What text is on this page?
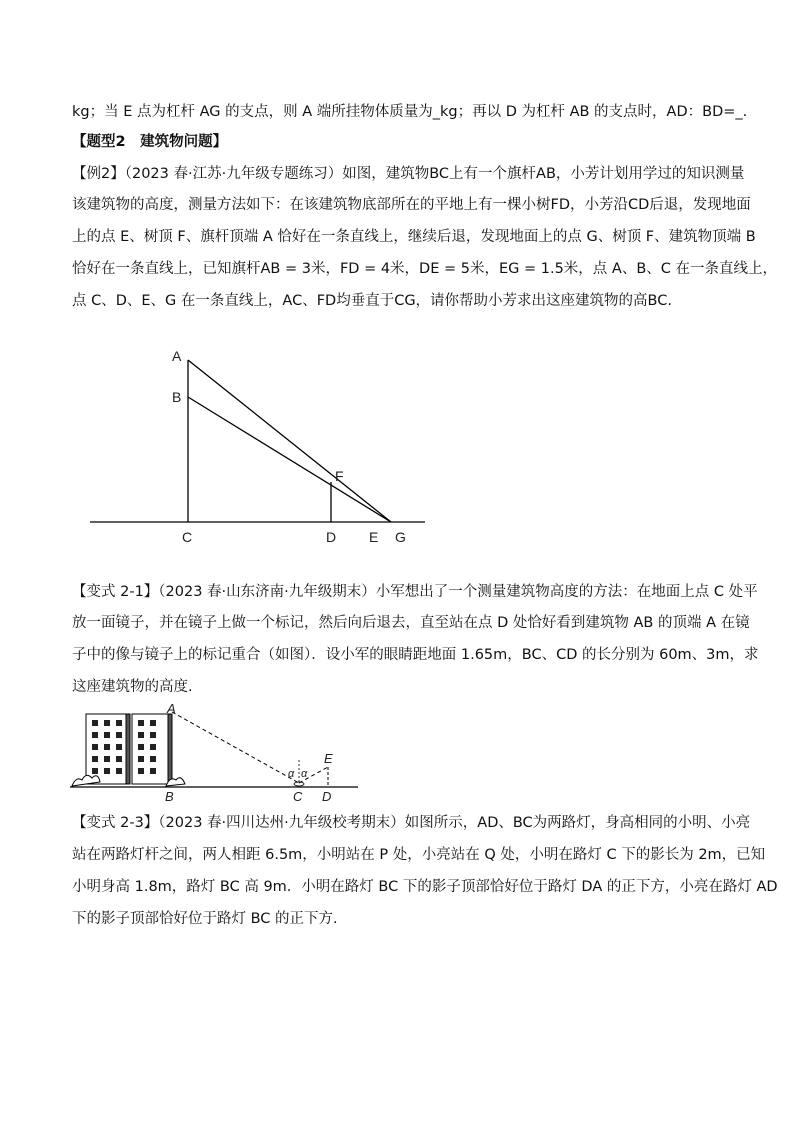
kg；当 E 点为杠杆 AG 的支点，则 A 端所挂物体质量为_kg；再以 D 为杠杆 AB 的支点时，AD：BD=_.
【题型2　建筑物问题】
【例2】（2023 春·江苏·九年级专题练习）如图，建筑物BC上有一个旗杆AB，小芳计划用学过的知识测量
该建筑物的高度，测量方法如下：在该建筑物底部所在的平地上有一棵小树FD，小芳沿CD后退，发现地面
上的点 E、树顶 F、旗杆顶端 A 恰好在一条直线上，继续后退，发现地面上的点 G、树顶 F、建筑物顶端 B
恰好在一条直线上，已知旗杆AB = 3米，FD = 4米，DE = 5米，EG = 1.5米，点 A、B、C 在一条直线上，
点 C、D、E、G 在一条直线上，AC、FD均垂直于CG，请你帮助小芳求出这座建筑物的高BC.
A
B
F
C	D E G
【变式 2-1】（2023 春·山东济南·九年级期末）小军想出了一个测量建筑物高度的方法：在地面上点 C 处平
放一面镜子，并在镜子上做一个标记，然后向后退去，直至站在点 D 处恰好看到建筑物 AB 的顶端 A 在镜
子中的像与镜子上的标记重合（如图）．设小军的眼睛距地面 1.65m，BC、CD 的长分别为 60m、3m，求
这座建筑物的高度.
A
B	C D
E
α α
【变式 2-3】（2023 春·四川达州·九年级校考期末）如图所示，AD、BC为两路灯，身高相同的小明、小亮
站在两路灯杆之间，两人相距 6.5m，小明站在 P 处，小亮站在 Q 处，小明在路灯 C 下的影长为 2m，已知
小明身高 1.8m，路灯 BC 高 9m．小明在路灯 BC 下的影子顶部恰好位于路灯 DA 的正下方，小亮在路灯 AD
下的影子顶部恰好位于路灯 BC 的正下方.
